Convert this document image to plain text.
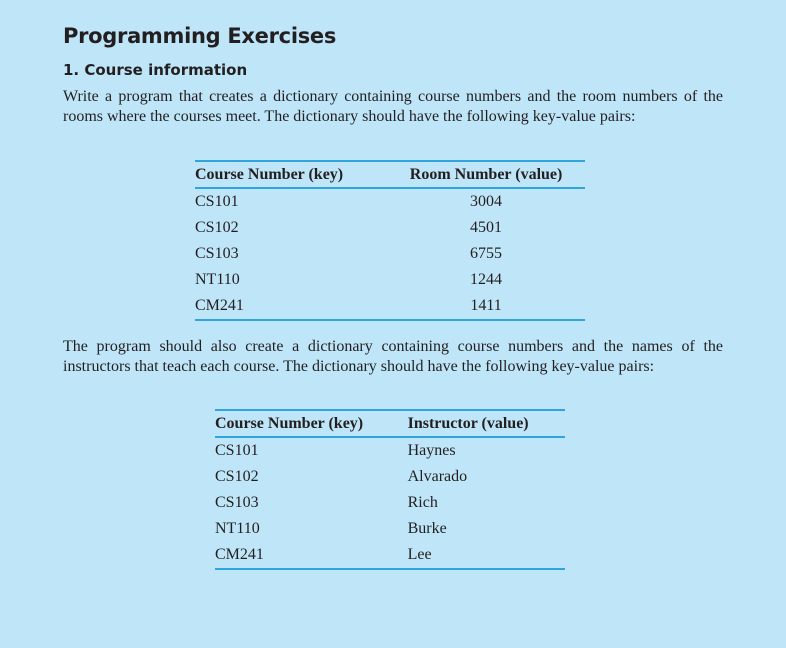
Programming Exercises
1. Course information

Write a program that creates a dictionary containing course numbers and the room numbers of the rooms where the courses meet. The dictionary should have the following key-value pairs:

Course Number (key)	Room Number (value)
CS101	3004
CS102	4501
CS103	6755
NT110	1244
CM241	1411

The program should also create a dictionary containing course numbers and the names of the instructors that teach each course. The dictionary should have the following key-value pairs:

Course Number (key)	Instructor (value)
CS101	Haynes
CS102	Alvarado
CS103	Rich
NT110	Burke
CM241	Lee
